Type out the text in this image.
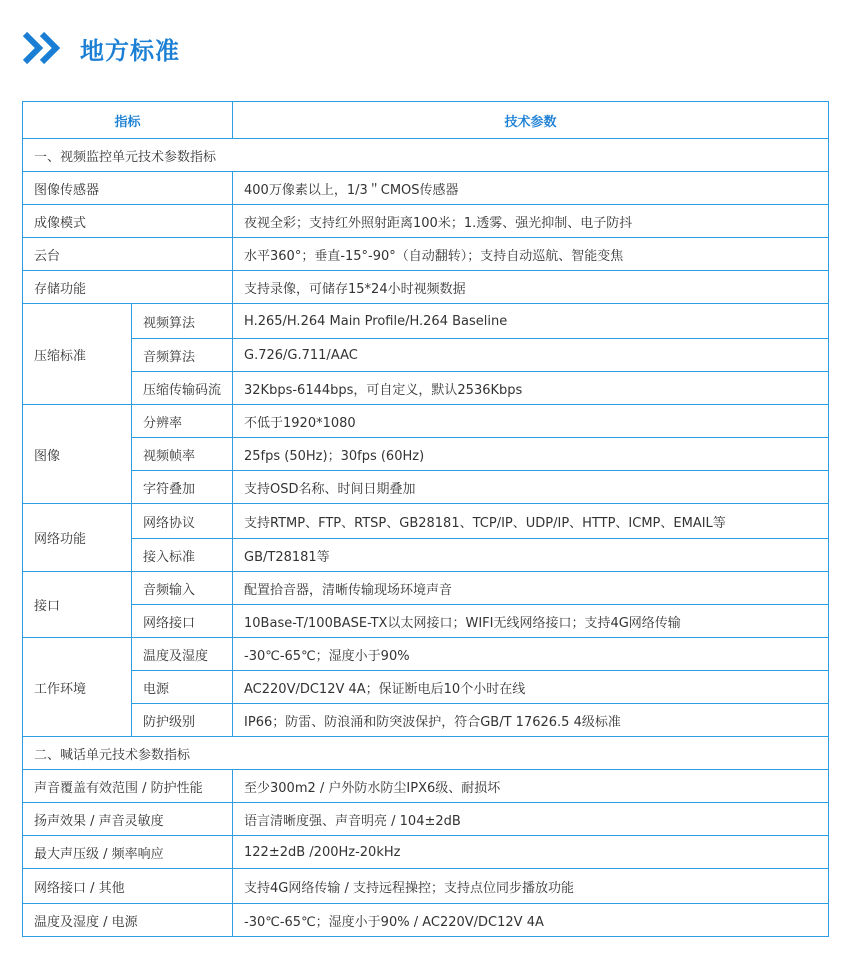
地方标准
指标		技术参数
一、视频监控单元技术参数指标		
图像传感器		400万像素以上，1/3＂CMOS传感器
成像模式		夜视全彩；支持红外照射距离100米；1.透雾、强光抑制、电子防抖
云台		水平360°；垂直-15°-90°（自动翻转）；支持自动巡航、智能变焦
存储功能		支持录像，可储存15*24小时视频数据
压缩标准	视频算法	H.265/H.264 Main Profile/H.264 Baseline
	音频算法	G.726/G.711/AAC
	压缩传输码流	32Kbps-6144bps，可自定义，默认2536Kbps
图像	分辨率	不低于1920*1080
	视频帧率	25fps (50Hz)；30fps (60Hz)
	字符叠加	支持OSD名称、时间日期叠加
网络功能	网络协议	支持RTMP、FTP、RTSP、GB28181、TCP/IP、UDP/IP、HTTP、ICMP、EMAIL等
	接入标准	GB/T28181等
接口	音频输入	配置拾音器，清晰传输现场环境声音
	网络接口	10Base-T/100BASE-TX以太网接口；WIFI无线网络接口；支持4G网络传输
工作环境	温度及湿度	-30℃-65℃；湿度小于90%
	电源	AC220V/DC12V 4A；保证断电后10个小时在线
	防护级别	IP66；防雷、防浪涌和防突波保护，符合GB/T 17626.5 4级标准
二、喊话单元技术参数指标		
声音覆盖有效范围 / 防护性能		至少300m2 / 户外防水防尘IPX6级、耐损坏
扬声效果 / 声音灵敏度		语言清晰度强、声音明亮 / 104±2dB
最大声压级 / 频率响应		122±2dB /200Hz-20kHz
网络接口 / 其他		支持4G网络传输 / 支持远程操控；支持点位同步播放功能
温度及湿度 / 电源		-30℃-65℃；湿度小于90% / AC220V/DC12V 4A
